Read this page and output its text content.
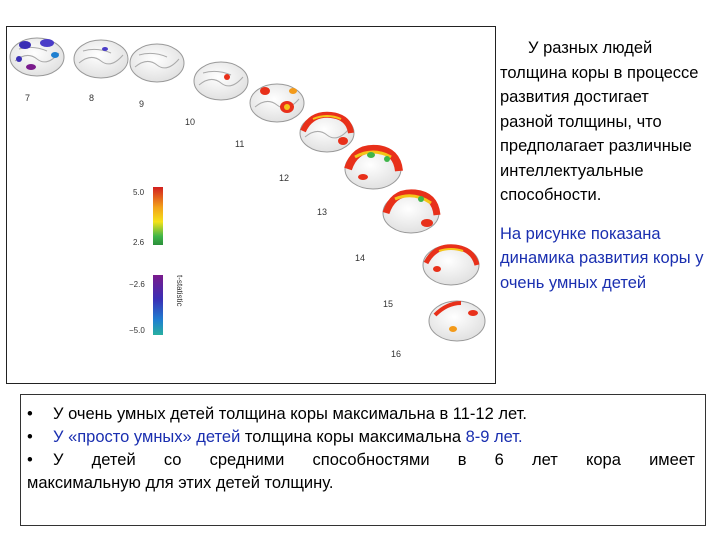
7	8
9
10
11
12
13
14
15
16
5.0
2.6
−2.6
−5.0
t-statistic

У разных людей толщина коры в процессе развития достигает разной толщины, что предполагает различные интеллектуальные способности.

На рисунке показана динамика развития коры у очень умных детей

• У очень умных детей толщина коры максимальна в 11-12 лет.
• У «просто умных» детей толщина коры максимальна 8-9 лет.
• У детей со средними способностями в 6 лет кора имеет
максимальную для этих детей толщину.
